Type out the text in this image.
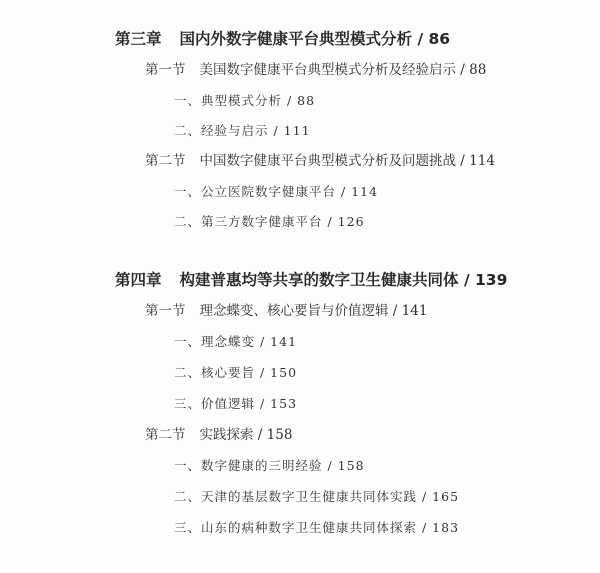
第三章 国内外数字健康平台典型模式分析 / 86
第一节 美国数字健康平台典型模式分析及经验启示 / 88
一、典型模式分析 / 88
二、经验与启示 / 111
第二节 中国数字健康平台典型模式分析及问题挑战 / 114
一、公立医院数字健康平台 / 114
二、第三方数字健康平台 / 126
第四章 构建普惠均等共享的数字卫生健康共同体 / 139
第一节 理念蝶变、核心要旨与价值逻辑 / 141
一、理念蝶变 / 141
二、核心要旨 / 150
三、价值逻辑 / 153
第二节 实践探索 / 158
一、数字健康的三明经验 / 158
二、天津的基层数字卫生健康共同体实践 / 165
三、山东的病种数字卫生健康共同体探索 / 183
